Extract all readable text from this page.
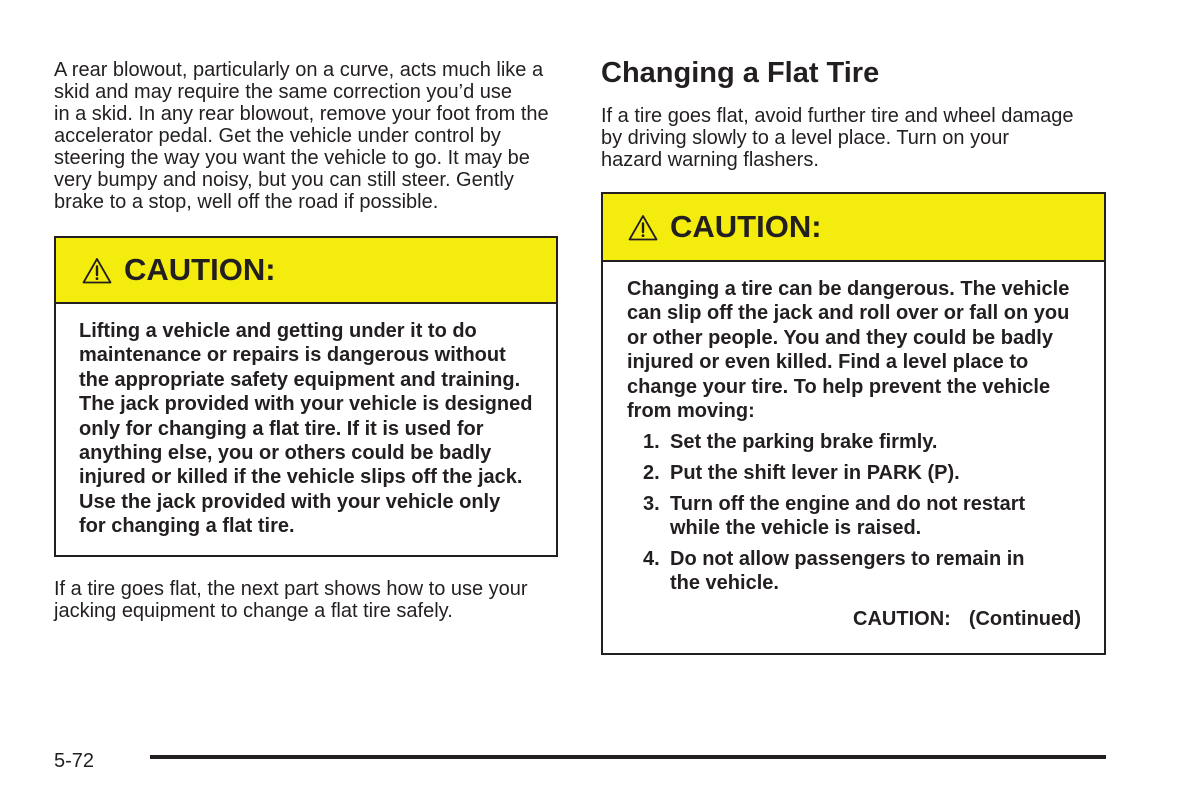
A rear blowout, particularly on a curve, acts much like a
skid and may require the same correction you’d use
in a skid. In any rear blowout, remove your foot from the
accelerator pedal. Get the vehicle under control by
steering the way you want the vehicle to go. It may be
very bumpy and noisy, but you can still steer. Gently
brake to a stop, well off the road if possible.
CAUTION:
Lifting a vehicle and getting under it to do
maintenance or repairs is dangerous without
the appropriate safety equipment and training.
The jack provided with your vehicle is designed
only for changing a flat tire. If it is used for
anything else, you or others could be badly
injured or killed if the vehicle slips off the jack.
Use the jack provided with your vehicle only
for changing a flat tire.
If a tire goes flat, the next part shows how to use your
jacking equipment to change a flat tire safely.
Changing a Flat Tire
If a tire goes flat, avoid further tire and wheel damage
by driving slowly to a level place. Turn on your
hazard warning flashers.
CAUTION:
Changing a tire can be dangerous. The vehicle
can slip off the jack and roll over or fall on you
or other people. You and they could be badly
injured or even killed. Find a level place to
change your tire. To help prevent the vehicle
from moving:
1. Set the parking brake firmly.
2. Put the shift lever in PARK (P).
3. Turn off the engine and do not restart
while the vehicle is raised.
4. Do not allow passengers to remain in
the vehicle.
CAUTION: (Continued)
5-72
